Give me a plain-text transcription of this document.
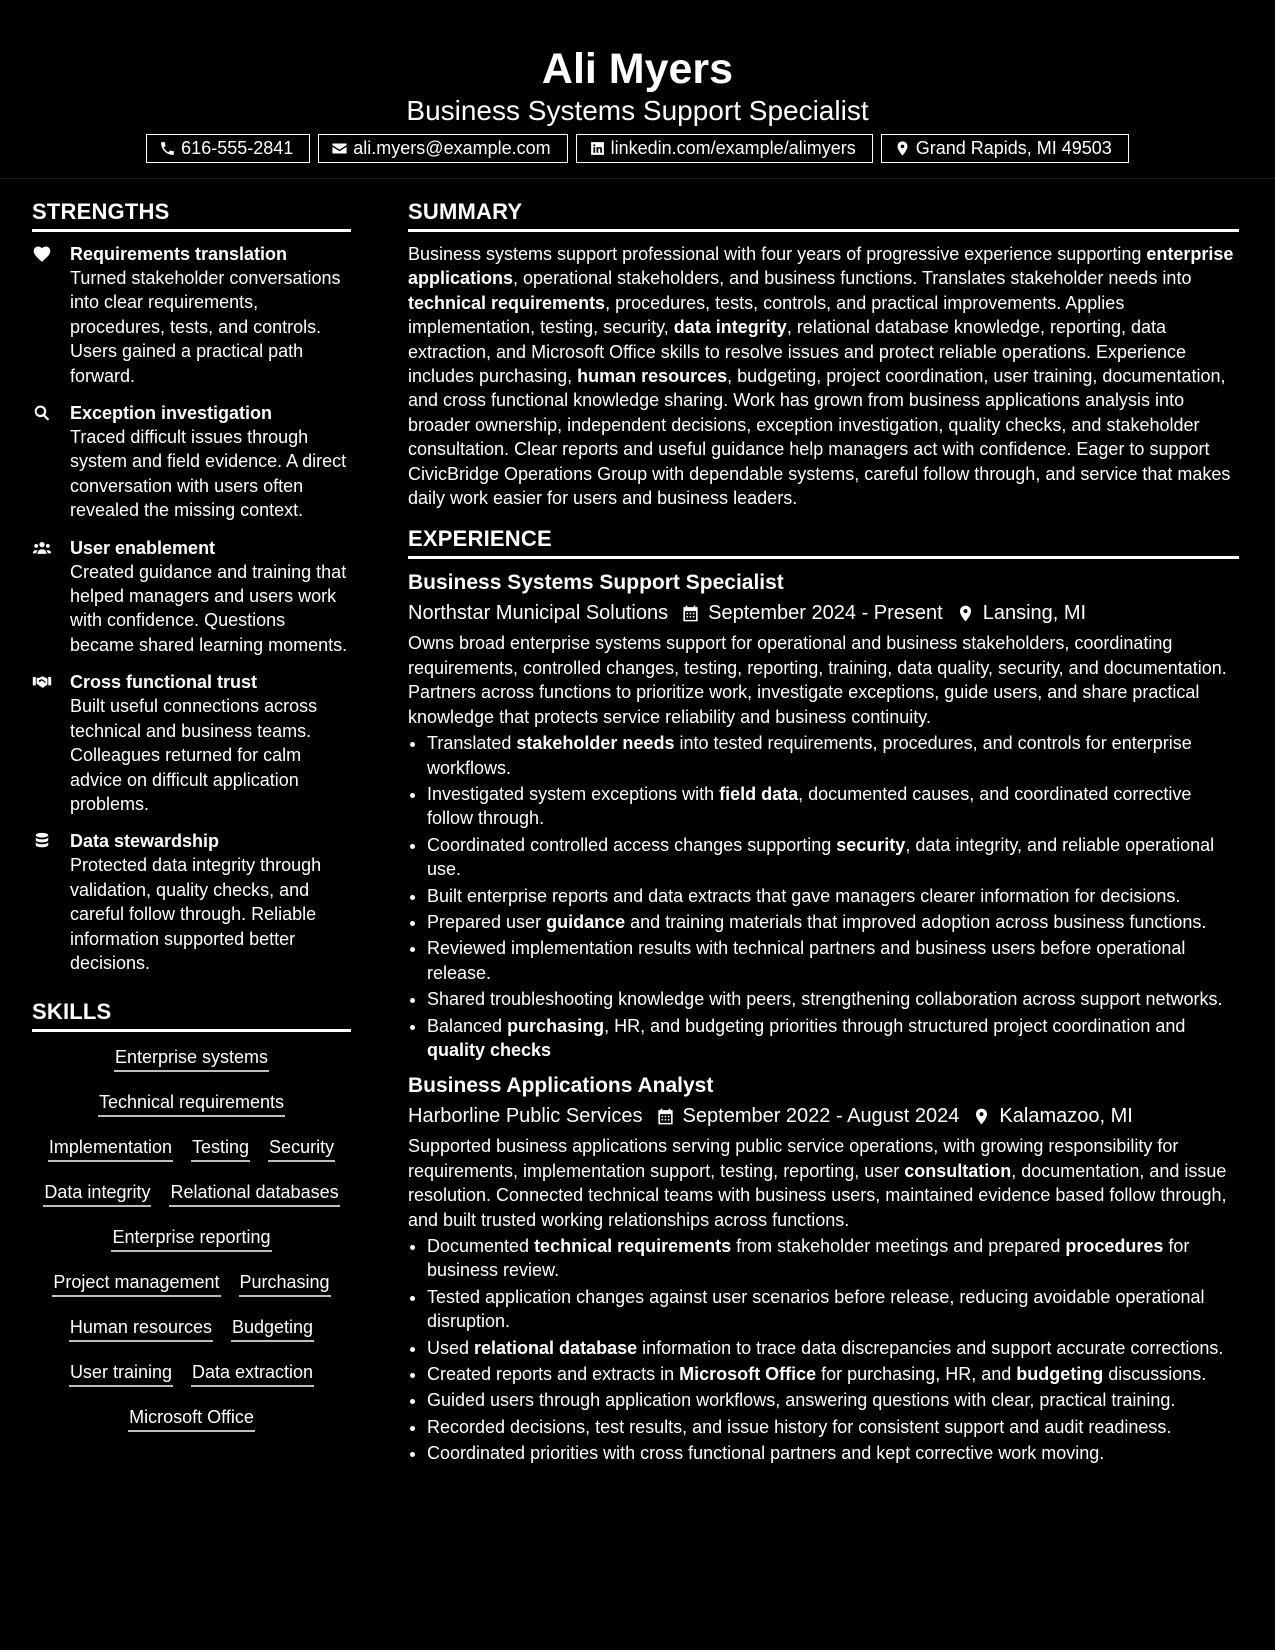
Ali Myers
Business Systems Support Specialist
616-555-2841	ali.myers@example.com	linkedin.com/example/alimyers	Grand Rapids, MI 49503
STRENGTHS
Requirements translation
Turned stakeholder conversations into clear requirements, procedures, tests, and controls. Users gained a practical path forward.
Exception investigation
Traced difficult issues through system and field evidence. A direct conversation with users often revealed the missing context.
User enablement
Created guidance and training that helped managers and users work with confidence. Questions became shared learning moments.
Cross functional trust
Built useful connections across technical and business teams. Colleagues returned for calm advice on difficult application problems.
Data stewardship
Protected data integrity through validation, quality checks, and careful follow through. Reliable information supported better decisions.
SKILLS
Enterprise systems
Technical requirements
Implementation Testing Security
Data integrity Relational databases
Enterprise reporting
Project management Purchasing
Human resources Budgeting
User training Data extraction
Microsoft Office
SUMMARY
Business systems support professional with four years of progressive experience supporting enterprise applications, operational stakeholders, and business functions. Translates stakeholder needs into technical requirements, procedures, tests, controls, and practical improvements. Applies implementation, testing, security, data integrity, relational database knowledge, reporting, data extraction, and Microsoft Office skills to resolve issues and protect reliable operations. Experience includes purchasing, human resources, budgeting, project coordination, user training, documentation, and cross functional knowledge sharing. Work has grown from business applications analysis into broader ownership, independent decisions, exception investigation, quality checks, and stakeholder consultation. Clear reports and useful guidance help managers act with confidence. Eager to support CivicBridge Operations Group with dependable systems, careful follow through, and service that makes daily work easier for users and business leaders.
EXPERIENCE
Business Systems Support Specialist
Northstar Municipal Solutions September 2024 - Present Lansing, MI
Owns broad enterprise systems support for operational and business stakeholders, coordinating requirements, controlled changes, testing, reporting, training, data quality, security, and documentation. Partners across functions to prioritize work, investigate exceptions, guide users, and share practical knowledge that protects service reliability and business continuity.
• Translated stakeholder needs into tested requirements, procedures, and controls for enterprise workflows.
• Investigated system exceptions with field data, documented causes, and coordinated corrective follow through.
• Coordinated controlled access changes supporting security, data integrity, and reliable operational use.
• Built enterprise reports and data extracts that gave managers clearer information for decisions.
• Prepared user guidance and training materials that improved adoption across business functions.
• Reviewed implementation results with technical partners and business users before operational release.
• Shared troubleshooting knowledge with peers, strengthening collaboration across support networks.
• Balanced purchasing, HR, and budgeting priorities through structured project coordination and quality checks
Business Applications Analyst
Harborline Public Services September 2022 - August 2024 Kalamazoo, MI
Supported business applications serving public service operations, with growing responsibility for requirements, implementation support, testing, reporting, user consultation, documentation, and issue resolution. Connected technical teams with business users, maintained evidence based follow through, and built trusted working relationships across functions.
• Documented technical requirements from stakeholder meetings and prepared procedures for business review.
• Tested application changes against user scenarios before release, reducing avoidable operational disruption.
• Used relational database information to trace data discrepancies and support accurate corrections.
• Created reports and extracts in Microsoft Office for purchasing, HR, and budgeting discussions.
• Guided users through application workflows, answering questions with clear, practical training.
• Recorded decisions, test results, and issue history for consistent support and audit readiness.
• Coordinated priorities with cross functional partners and kept corrective work moving.
